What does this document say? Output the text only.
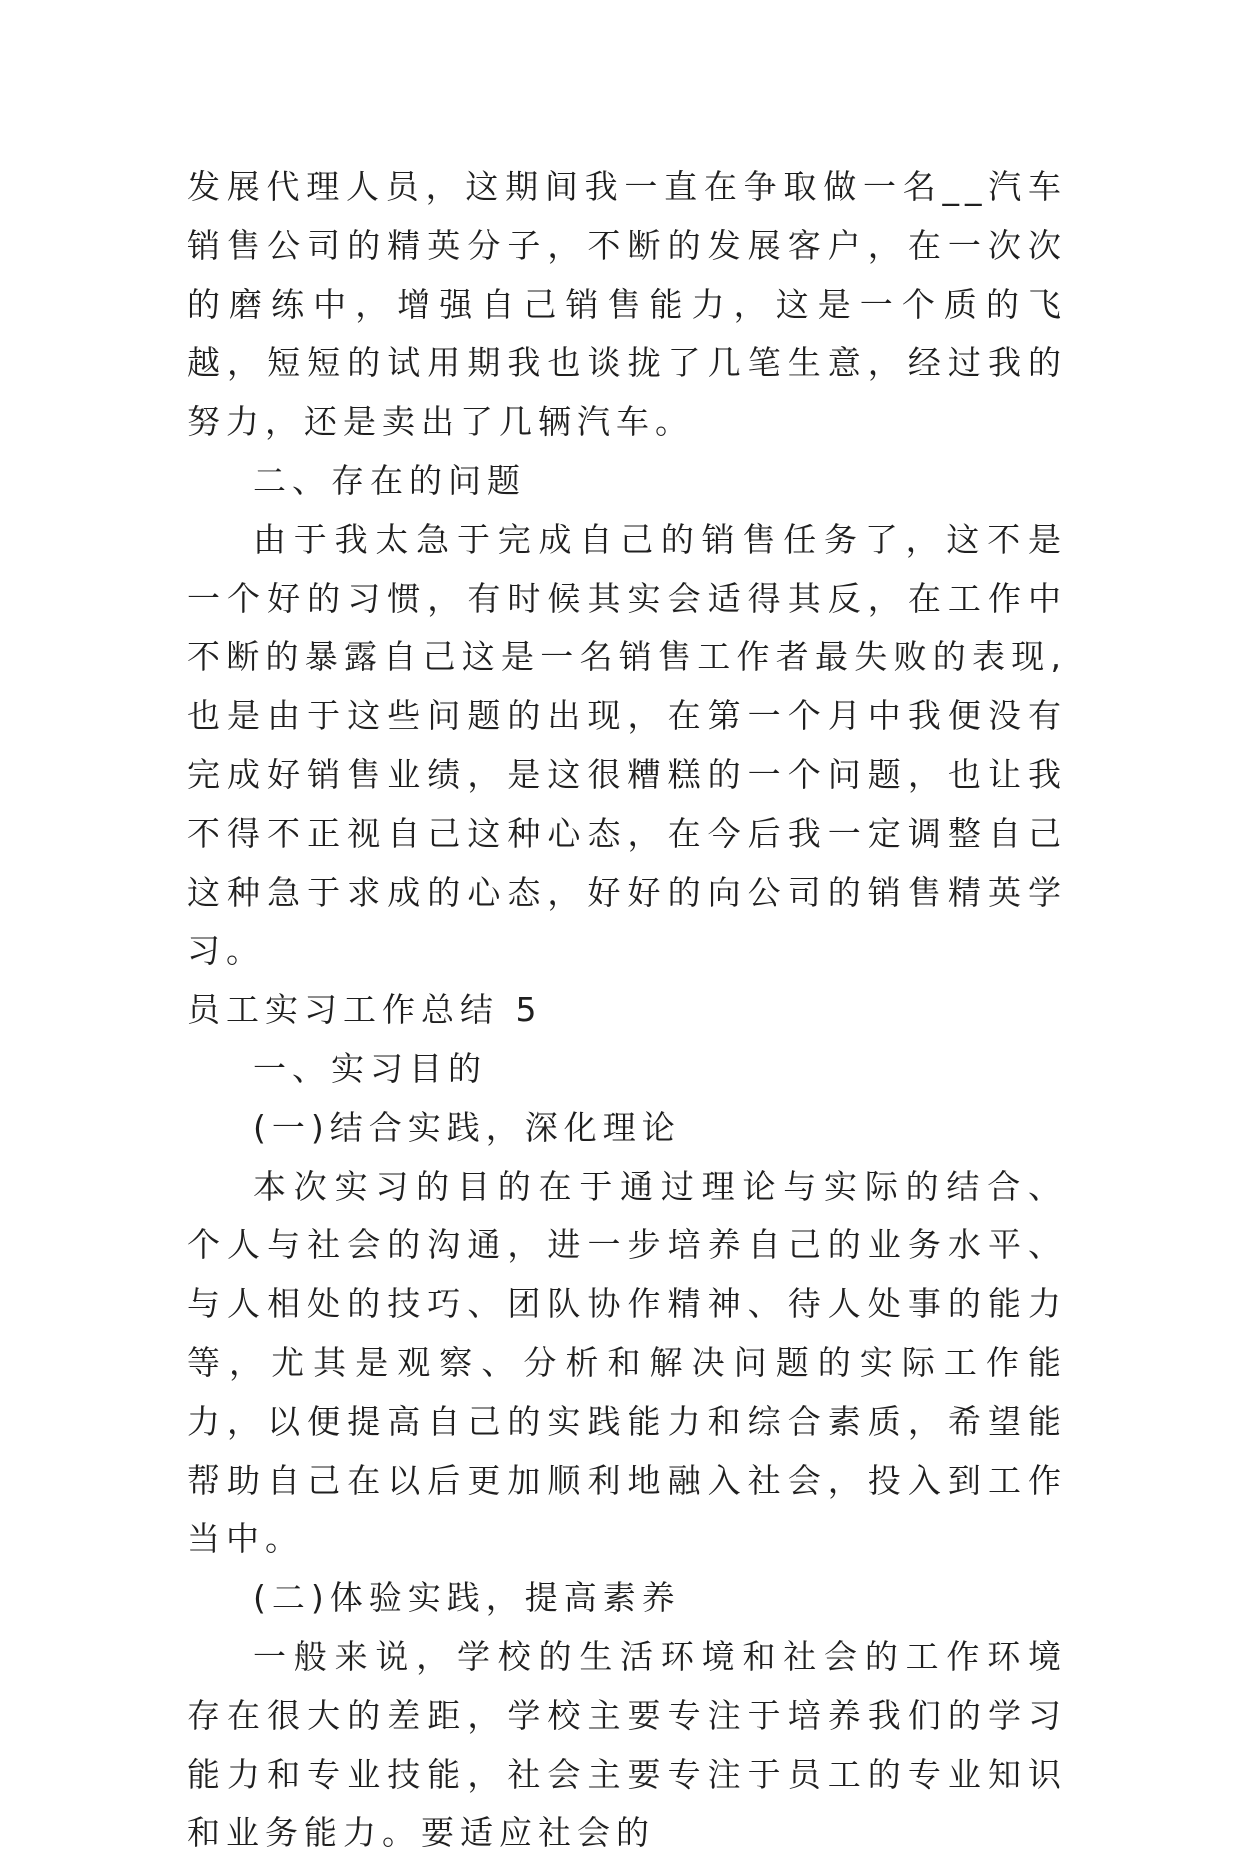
发展代理人员，这期间我一直在争取做一名__汽车销售公司的精英分子，不断的发展客户，在一次次的磨练中，增强自己销售能力，这是一个质的飞越，短短的试用期我也谈拢了几笔生意，经过我的努力，还是卖出了几辆汽车。

二、存在的问题

由于我太急于完成自己的销售任务了，这不是一个好的习惯，有时候其实会适得其反，在工作中不断的暴露自己这是一名销售工作者最失败的表现,也是由于这些问题的出现，在第一个月中我便没有完成好销售业绩，是这很糟糕的一个问题，也让我不得不正视自己这种心态，在今后我一定调整自己这种急于求成的心态，好好的向公司的销售精英学习。

员工实习工作总结 5

一、实习目的

(一)结合实践，深化理论

本次实习的目的在于通过理论与实际的结合、个人与社会的沟通，进一步培养自己的业务水平、与人相处的技巧、团队协作精神、待人处事的能力等，尤其是观察、分析和解决问题的实际工作能力，以便提高自己的实践能力和综合素质，希望能帮助自己在以后更加顺利地融入社会，投入到工作当中。

(二)体验实践，提高素养

一般来说，学校的生活环境和社会的工作环境存在很大的差距，学校主要专注于培养我们的学习能力和专业技能，社会主要专注于员工的专业知识和业务能力。要适应社会的
